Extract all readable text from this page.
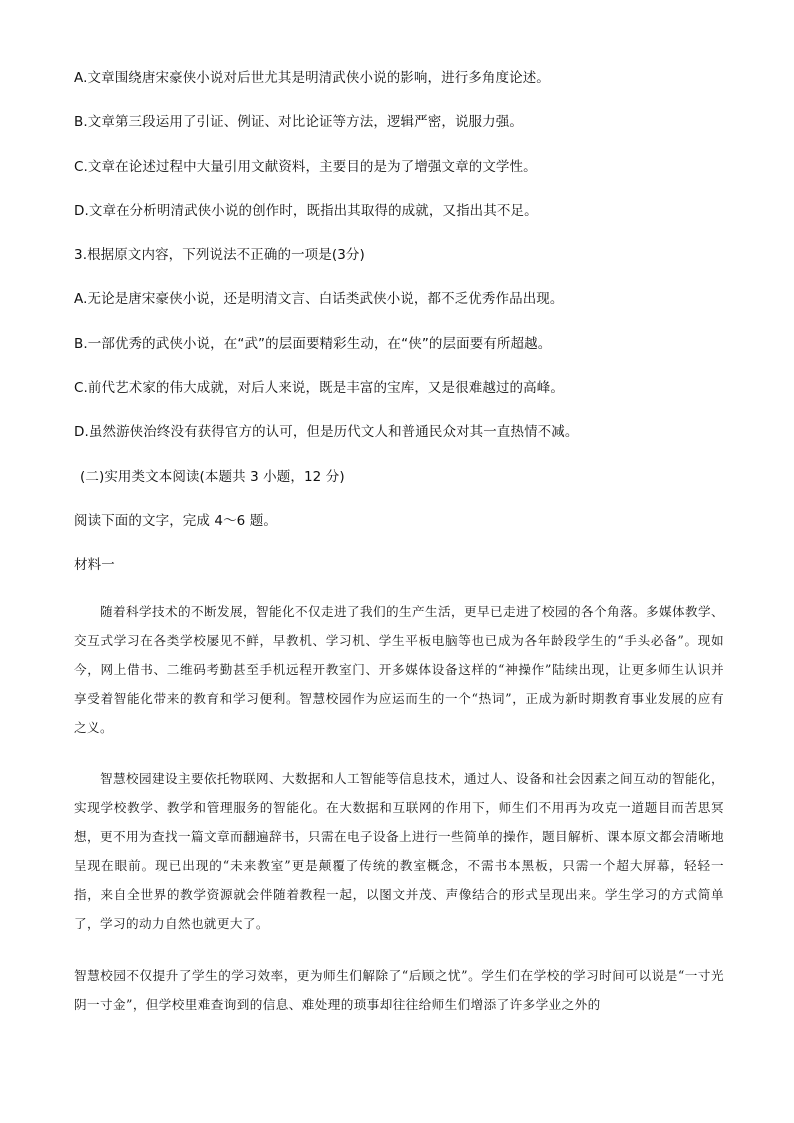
A.文章围绕唐宋豪侠小说对后世尤其是明清武侠小说的影响，进行多角度论述。
B.文章第三段运用了引证、例证、对比论证等方法，逻辑严密，说服力强。
C.文章在论述过程中大量引用文献资料，主要目的是为了增强文章的文学性。
D.文章在分析明清武侠小说的创作时，既指出其取得的成就，又指出其不足。
3.根据原文内容，下列说法不正确的一项是(3分)
A.无论是唐宋豪侠小说，还是明清文言、白话类武侠小说，都不乏优秀作品出现。
B.一部优秀的武侠小说，在“武”的层面要精彩生动，在“侠”的层面要有所超越。
C.前代艺术家的伟大成就，对后人来说，既是丰富的宝库，又是很难越过的高峰。
D.虽然游侠治终没有获得官方的认可，但是历代文人和普通民众对其一直热情不减。
(二)实用类文本阅读(本题共 3 小题，12 分)
阅读下面的文字，完成 4～6 题。
材料一
随着科学技术的不断发展，智能化不仅走进了我们的生产生活，更早已走进了校园的各个角落。多媒体教学、交互式学习在各类学校屡见不鲜，早教机、学习机、学生平板电脑等也已成为各年龄段学生的“手头必备”。现如今，网上借书、二维码考勤甚至手机远程开教室门、开多媒体设备这样的“神操作”陆续出现，让更多师生认识并享受着智能化带来的教育和学习便利。智慧校园作为应运而生的一个“热词”，正成为新时期教育事业发展的应有之义。
智慧校园建设主要依托物联网、大数据和人工智能等信息技术，通过人、设备和社会因素之间互动的智能化，实现学校教学、教学和管理服务的智能化。在大数据和互联网的作用下，师生们不用再为攻克一道题目而苦思冥想，更不用为查找一篇文章而翻遍辞书，只需在电子设备上进行一些简单的操作，题目解析、课本原文都会清晰地呈现在眼前。现已出现的“未来教室”更是颠覆了传统的教室概念，不需书本黑板，只需一个超大屏幕，轻轻一指，来自全世界的教学资源就会伴随着教程一起，以图文并茂、声像结合的形式呈现出来。学生学习的方式简单了，学习的动力自然也就更大了。
智慧校园不仅提升了学生的学习效率，更为师生们解除了“后顾之忧”。学生们在学校的学习时间可以说是“一寸光阴一寸金”，但学校里难查询到的信息、难处理的琐事却往往给师生们增添了许多学业之外的
